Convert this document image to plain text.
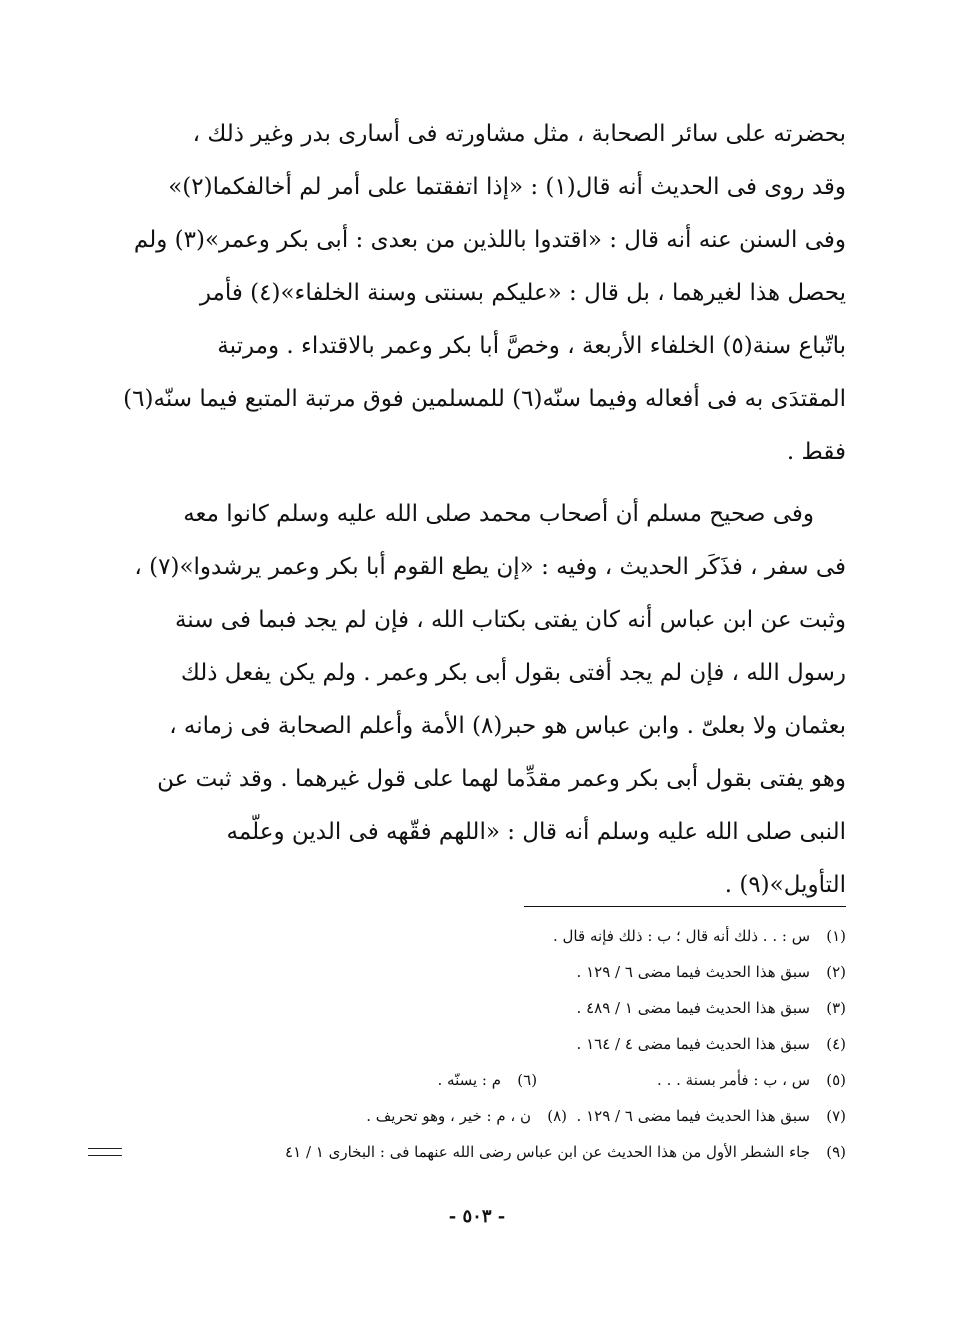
بحضرته على سائر الصحابة ، مثل مشاورته فى أسارى بدر وغير ذلك ،
وقد روى فى الحديث أنه قال(١) : «إذا اتفقتما على أمر لم أخالفكما(٢)»
وفى السنن عنه أنه قال : «اقتدوا باللذين من بعدى : أبى بكر وعمر»(٣) ولم
يحصل هذا لغيرهما ، بل قال : «عليكم بسنتى وسنة الخلفاء»(٤) فأمر
باتّباع سنة(٥) الخلفاء الأربعة ، وخصَّ أبا بكر وعمر بالاقتداء . ومرتبة
المقتدَى به فى أفعاله وفيما سنّه(٦) للمسلمين فوق مرتبة المتبع فيما سنّه(٦)
فقط .
وفى صحيح مسلم أن أصحاب محمد صلى الله عليه وسلم كانوا معه
فى سفر ، فذَكَر الحديث ، وفيه : «إن يطع القوم أبا بكر وعمر يرشدوا»(٧) ،
وثبت عن ابن عباس أنه كان يفتى بكتاب الله ، فإن لم يجد فبما فى سنة
رسول الله ، فإن لم يجد أفتى بقول أبى بكر وعمر . ولم يكن يفعل ذلك
بعثمان ولا بعلىّ . وابن عباس هو حبر(٨) الأمة وأعلم الصحابة فى زمانه ،
وهو يفتى بقول أبى بكر وعمر مقدِّما لهما على قول غيرهما . وقد ثبت عن
النبى صلى الله عليه وسلم أنه قال : «اللهم فقّهه فى الدين وعلّمه
التأويل»(٩) .
(١)س : . . ذلك أنه قال ؛ ب : ذلك فإنه قال .
(٢)سبق هذا الحديث فيما مضى ٦ / ١٢٩ .
(٣)سبق هذا الحديث فيما مضى ١ / ٤٨٩ .
(٤)سبق هذا الحديث فيما مضى ٤ / ١٦٤ .
(٥)س ، ب : فأمر بسنة . . .(٦)م : يسنّه .
(٧)سبق هذا الحديث فيما مضى ٦ / ١٢٩ .  (٨)ن ، م : خير ، وهو تحريف .
(٩)جاء الشطر الأول من هذا الحديث عن ابن عباس رضى الله عنهما فى : البخارى ١ / ٤١
- ٥٠٣ -
